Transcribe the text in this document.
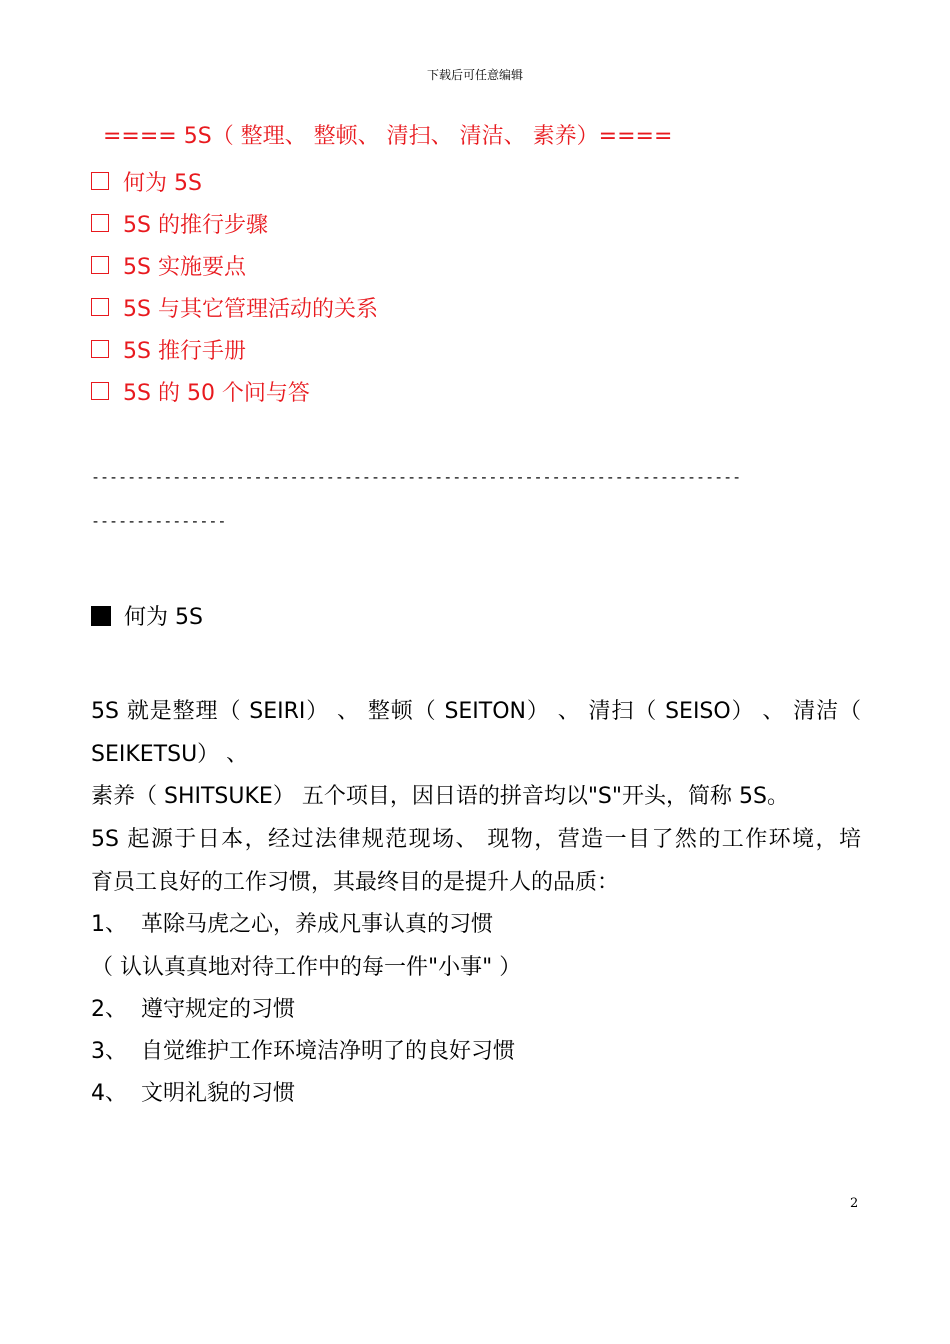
下载后可任意编辑
==== 5S（ 整理、 整顿、 清扫、 清洁、 素养）====
何为 5S
5S 的推行步骤
5S 实施要点
5S 与其它管理活动的关系
5S 推行手册
5S 的 50 个问与答
------------------------------------------------------------------------
---------------
何为 5S
5S 就是整理（ SEIRI） 、 整顿（ SEITON） 、 清扫（ SEISO） 、 清洁（
SEIKETSU） 、
素养（ SHITSUKE） 五个项目，因日语的拼音均以"S"开头，简称 5S。
5S 起源于日本，经过法律规范现场、 现物，营造一目了然的工作环境，培
育员工良好的工作习惯，其最终目的是提升人的品质：
1、  革除马虎之心，养成凡事认真的习惯
（ 认认真真地对待工作中的每一件"小事" ）
2、  遵守规定的习惯
3、  自觉维护工作环境洁净明了的良好习惯
4、  文明礼貌的习惯
2
